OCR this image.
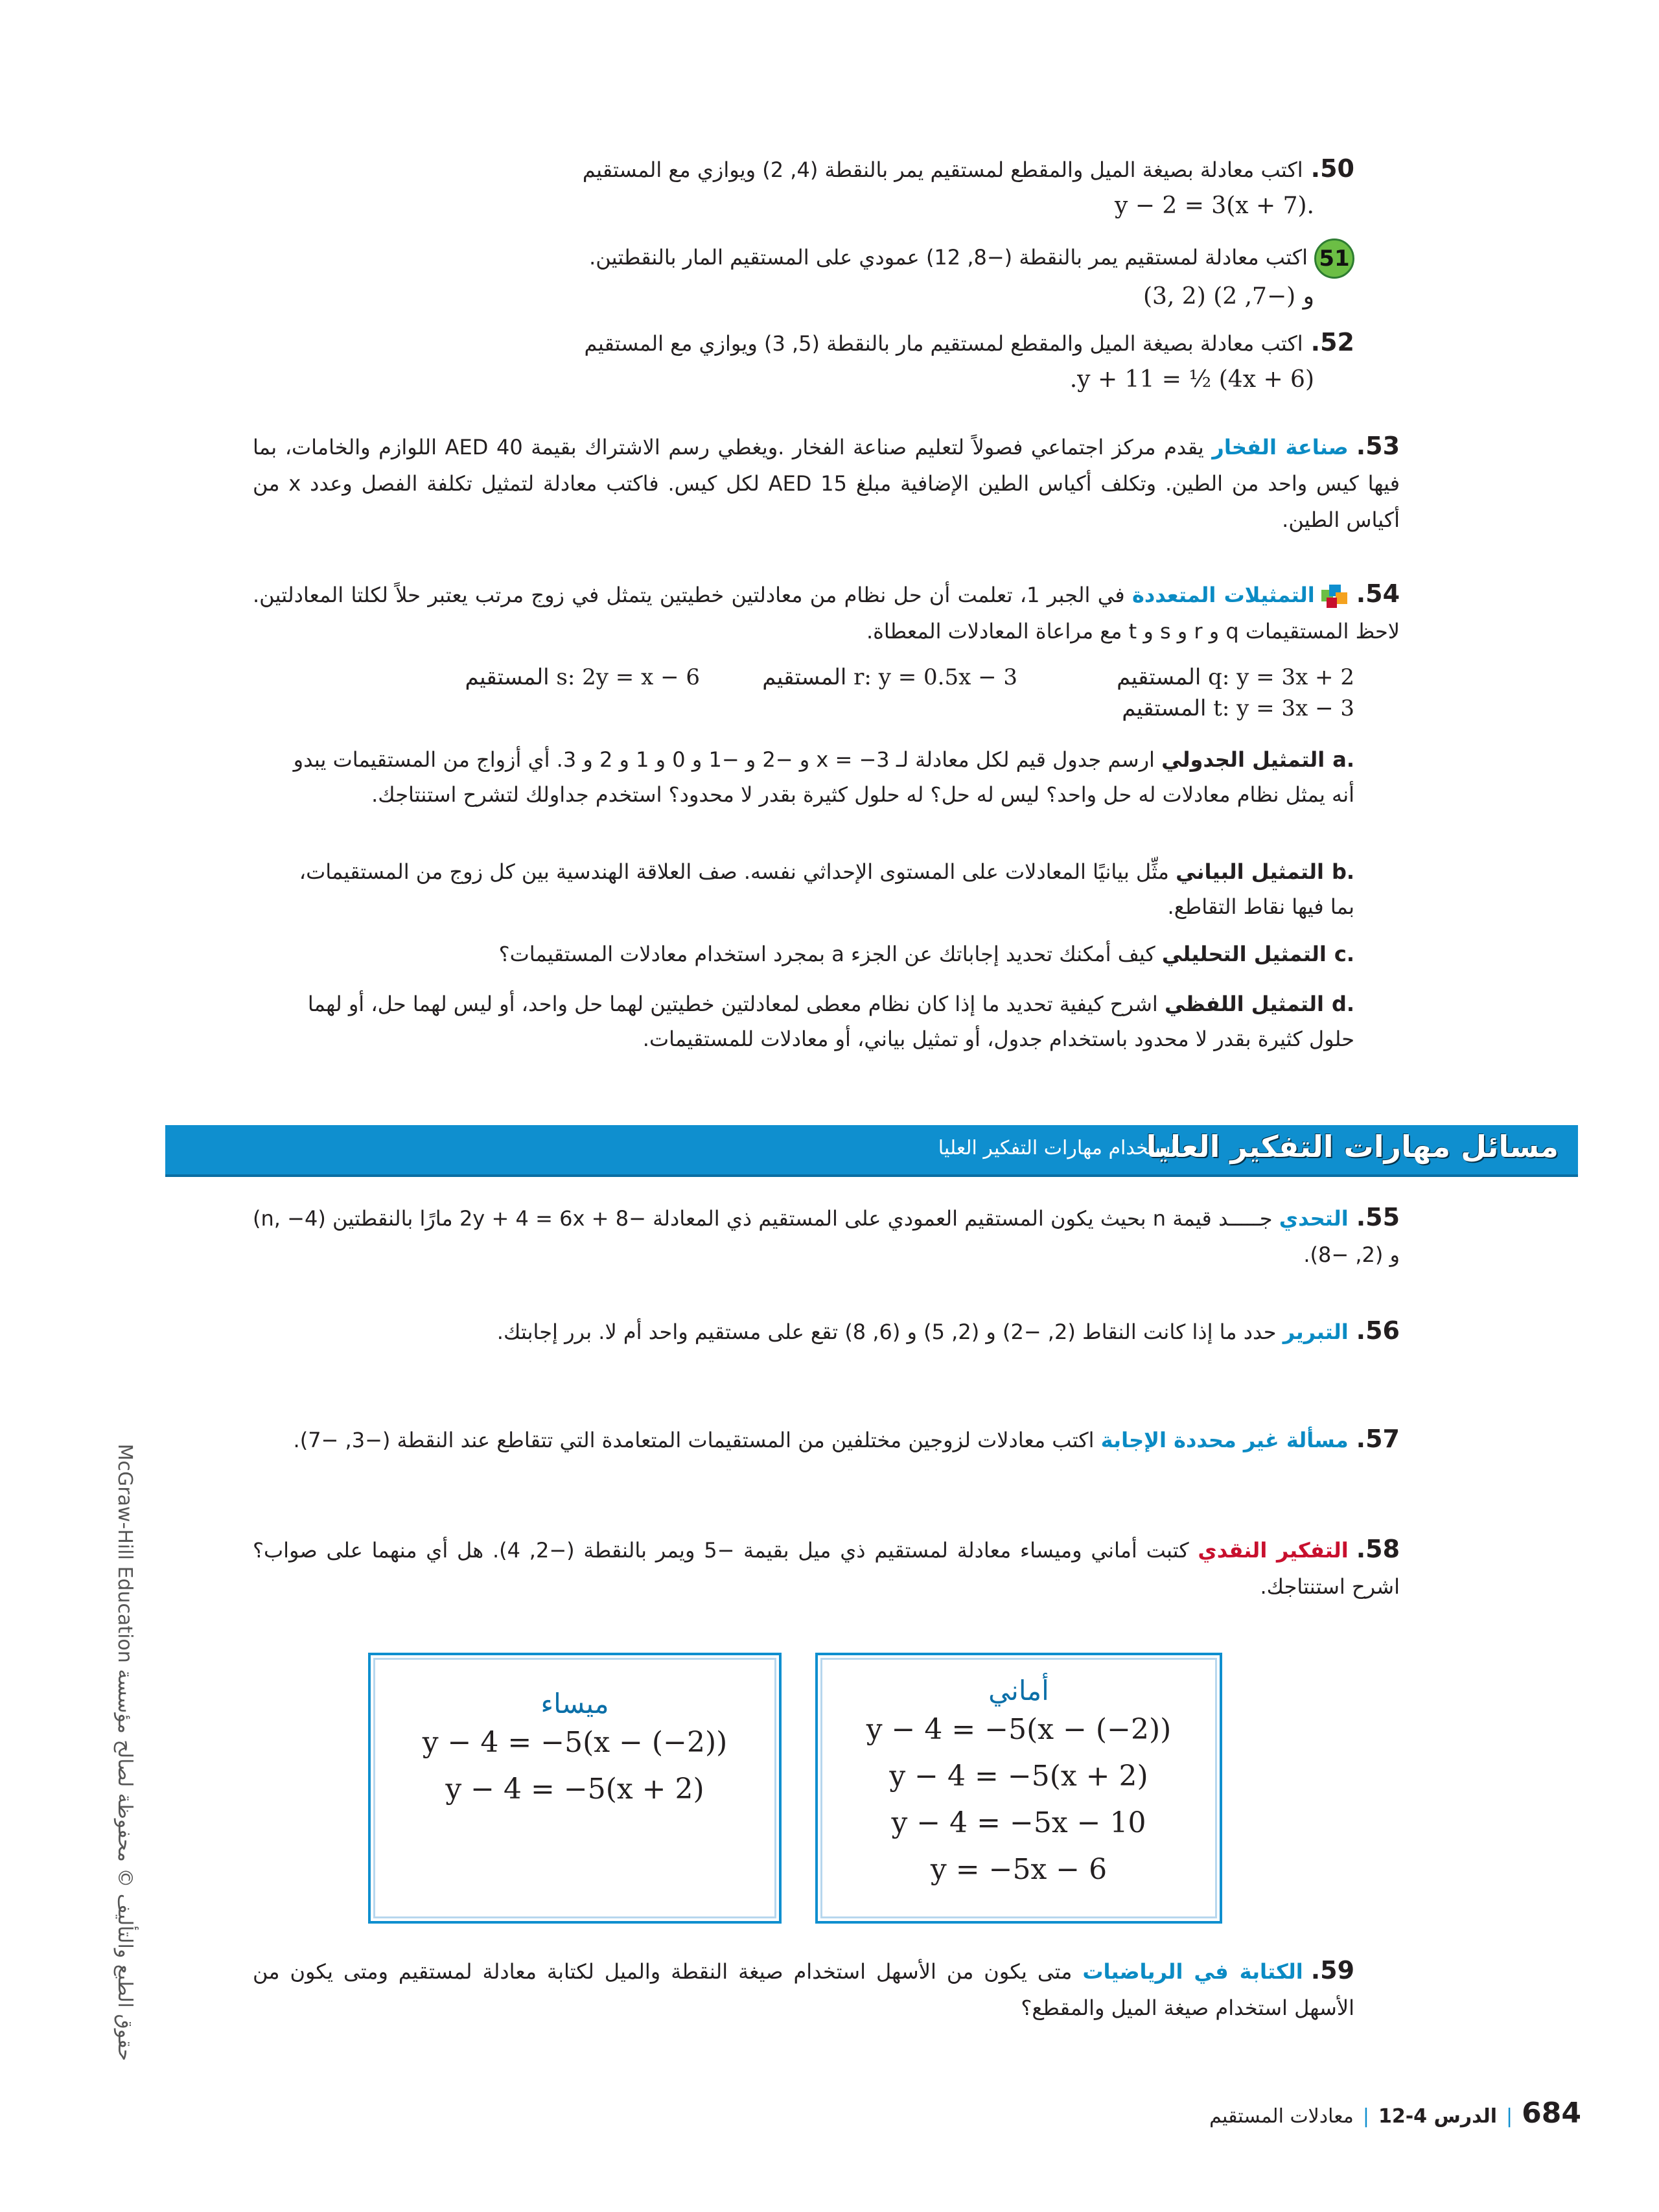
50.اكتب معادلة بصيغة الميل والمقطع لمستقيم يمر بالنقطة (4, 2) ويوازي مع المستقيم
y − 2 = 3(x + 7).
51اكتب معادلة لمستقيم يمر بالنقطة (−8, 12) عمودي على المستقيم المار بالنقطتين.
(3, 2) و (−7, 2)
52.اكتب معادلة بصيغة الميل والمقطع لمستقيم مار بالنقطة (5, 3) ويوازي مع المستقيم
.y + 11 = ½ (4x + 6)
53.صناعة الفخار يقدم مركز اجتماعي فصولاً لتعليم صناعة الفخار .ويغطي رسم الاشتراك بقيمة AED 40 اللوازم والخامات، بما فيها كيس واحد من الطين. وتكلف أكياس الطين الإضافية مبلغ AED 15 لكل كيس. فاكتب معادلة لتمثيل تكلفة الفصل وعدد x من أكياس الطين.
54.التمثيلات المتعددة في الجبر 1، تعلمت أن حل نظام من معادلتين خطيتين يتمثل في زوج مرتب يعتبر حلاً لكلتا المعادلتين. لاحظ المستقيمات q و r و s و t مع مراعاة المعادلات المعطاة.
المستقيم q: y = 3x + 2
المستقيم r: y = 0.5x − 3
المستقيم s: 2y = x − 6
المستقيم t: y = 3x − 3
a.التمثيل الجدولي ارسم جدول قيم لكل معادلة لـ x = −3 و −2 و −1 و 0 و 1 و 2 و 3. أي أزواج من المستقيمات يبدو أنه يمثل نظام معادلات له حل واحد؟ ليس له حل؟ له حلول كثيرة بقدر لا محدود؟ استخدم جداولك لتشرح استنتاجك.
b.التمثيل البياني مثِّل بيانيًا المعادلات على المستوى الإحداثي نفسه. صف العلاقة الهندسية بين كل زوج من المستقيمات، بما فيها نقاط التقاطع.
c.التمثيل التحليلي كيف أمكنك تحديد إجاباتك عن الجزء a بمجرد استخدام معادلات المستقيمات؟
d.التمثيل اللفظي اشرح كيفية تحديد ما إذا كان نظام معطى لمعادلتين خطيتين لهما حل واحد، أو ليس لهما حل، أو لهما حلول كثيرة بقدر لا محدود باستخدام جدول، أو تمثيل بياني، أو معادلات للمستقيمات.
مسائل مهارات التفكير العليا
استخدام مهارات التفكير العليا
55.التحدي جـــــد قيمة n بحيث يكون المستقيم العمودي على المستقيم ذي المعادلة −2y + 4 = 6x + 8 مارًا بالنقطتين (n, −4) و (2, −8).
56.التبرير حدد ما إذا كانت النقاط (2, −2) و (2, 5) و (6, 8) تقع على مستقيم واحد أم لا. برر إجابتك.
57.مسألة غير محددة الإجابة اكتب معادلات لزوجين مختلفين من المستقيمات المتعامدة التي تتقاطع عند النقطة (−3, −7).
58.التفكير النقدي كتبت أماني وميساء معادلة لمستقيم ذي ميل بقيمة −5 ويمر بالنقطة (−2, 4). هل أي منهما على صواب؟ اشرح استنتاجك.
أماني
y − 4 = −5(x − (−2))
y − 4 = −5(x + 2)
y − 4 = −5x − 10
y = −5x − 6
ميساء
y − 4 = −5(x − (−2))
y − 4 = −5(x + 2)
59.الكتابة في الرياضيات متى يكون من الأسهل استخدام صيغة النقطة والميل لكتابة معادلة لمستقيم ومتى يكون من الأسهل استخدام صيغة الميل والمقطع؟
حقوق الطبع والتأليف © محفوظة لصالح مؤسسة McGraw-Hill Education
684|الدرس 4-12|معادلات المستقيم
